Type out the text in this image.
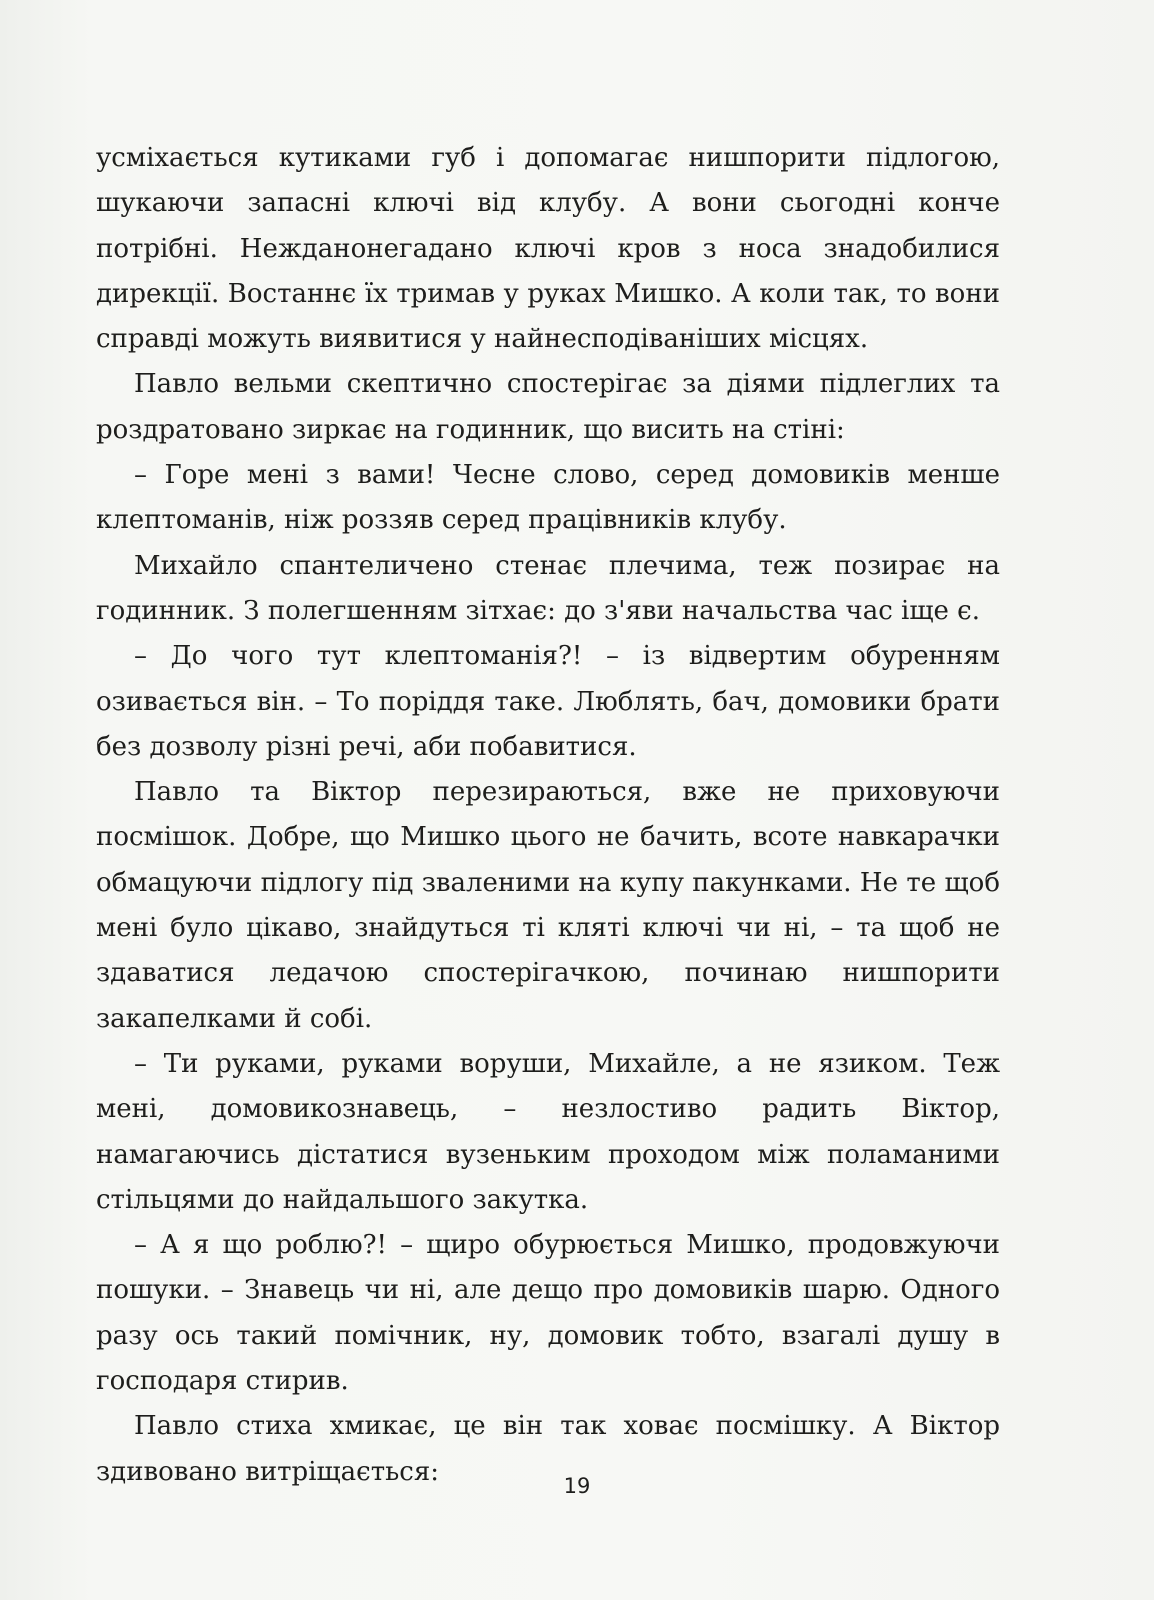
усміхається кутиками губ і допомагає нишпорити підлогою, шукаючи запасні ключі від клубу. А вони сьогодні конче потрібні. Нежданонегадано ключі кров з носа знадобилися дирекції. Востаннє їх тримав у руках Мишко. А коли так, то вони справді можуть виявитися у найнесподіваніших місцях.

Павло вельми скептично спостерігає за діями підлеглих та роздратовано зиркає на годинник, що висить на стіні:

– Горе мені з вами! Чесне слово, серед домовиків менше клептоманів, ніж роззяв серед працівників клубу.

Михайло спантеличено стенає плечима, теж позирає на годинник. З полегшенням зітхає: до з'яви начальства час іще є.

– До чого тут клептоманія?! – із відвертим обуренням озивається він. – То поріддя таке. Люблять, бач, домовики брати без дозволу різні речі, аби побавитися.

Павло та Віктор перезираються, вже не приховуючи посмішок. Добре, що Мишко цього не бачить, всоте навкарачки обмацуючи підлогу під зваленими на купу пакунками. Не те щоб мені було цікаво, знайдуться ті кляті ключі чи ні, – та щоб не здаватися ледачою спостерігачкою, починаю нишпорити закапелками й собі.

– Ти руками, руками воруши, Михайле, а не язиком. Теж мені, домовикознавець, – незлостиво радить Віктор, намагаючись дістатися вузеньким проходом між поламаними стільцями до найдальшого закутка.

– А я що роблю?! – щиро обурюється Мишко, продовжуючи пошуки. – Знавець чи ні, але дещо про домовиків шарю. Одного разу ось такий помічник, ну, домовик тобто, взагалі душу в господаря стирив.

Павло стиха хмикає, це він так ховає посмішку. А Віктор здивовано витріщається:	19
